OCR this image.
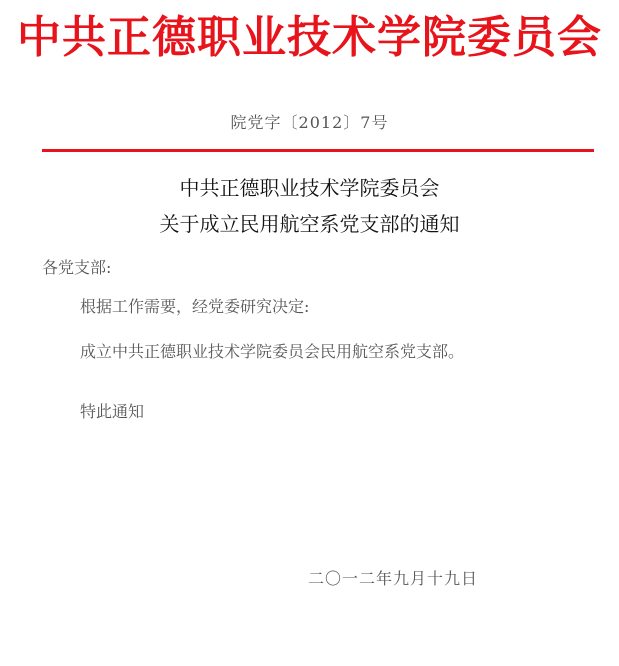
中共正德职业技术学院委员会
院党字〔2012〕7号
中共正德职业技术学院委员会
关于成立民用航空系党支部的通知
各党支部:
根据工作需要，经党委研究决定:
成立中共正德职业技术学院委员会民用航空系党支部。
特此通知
二〇一二年九月十九日
